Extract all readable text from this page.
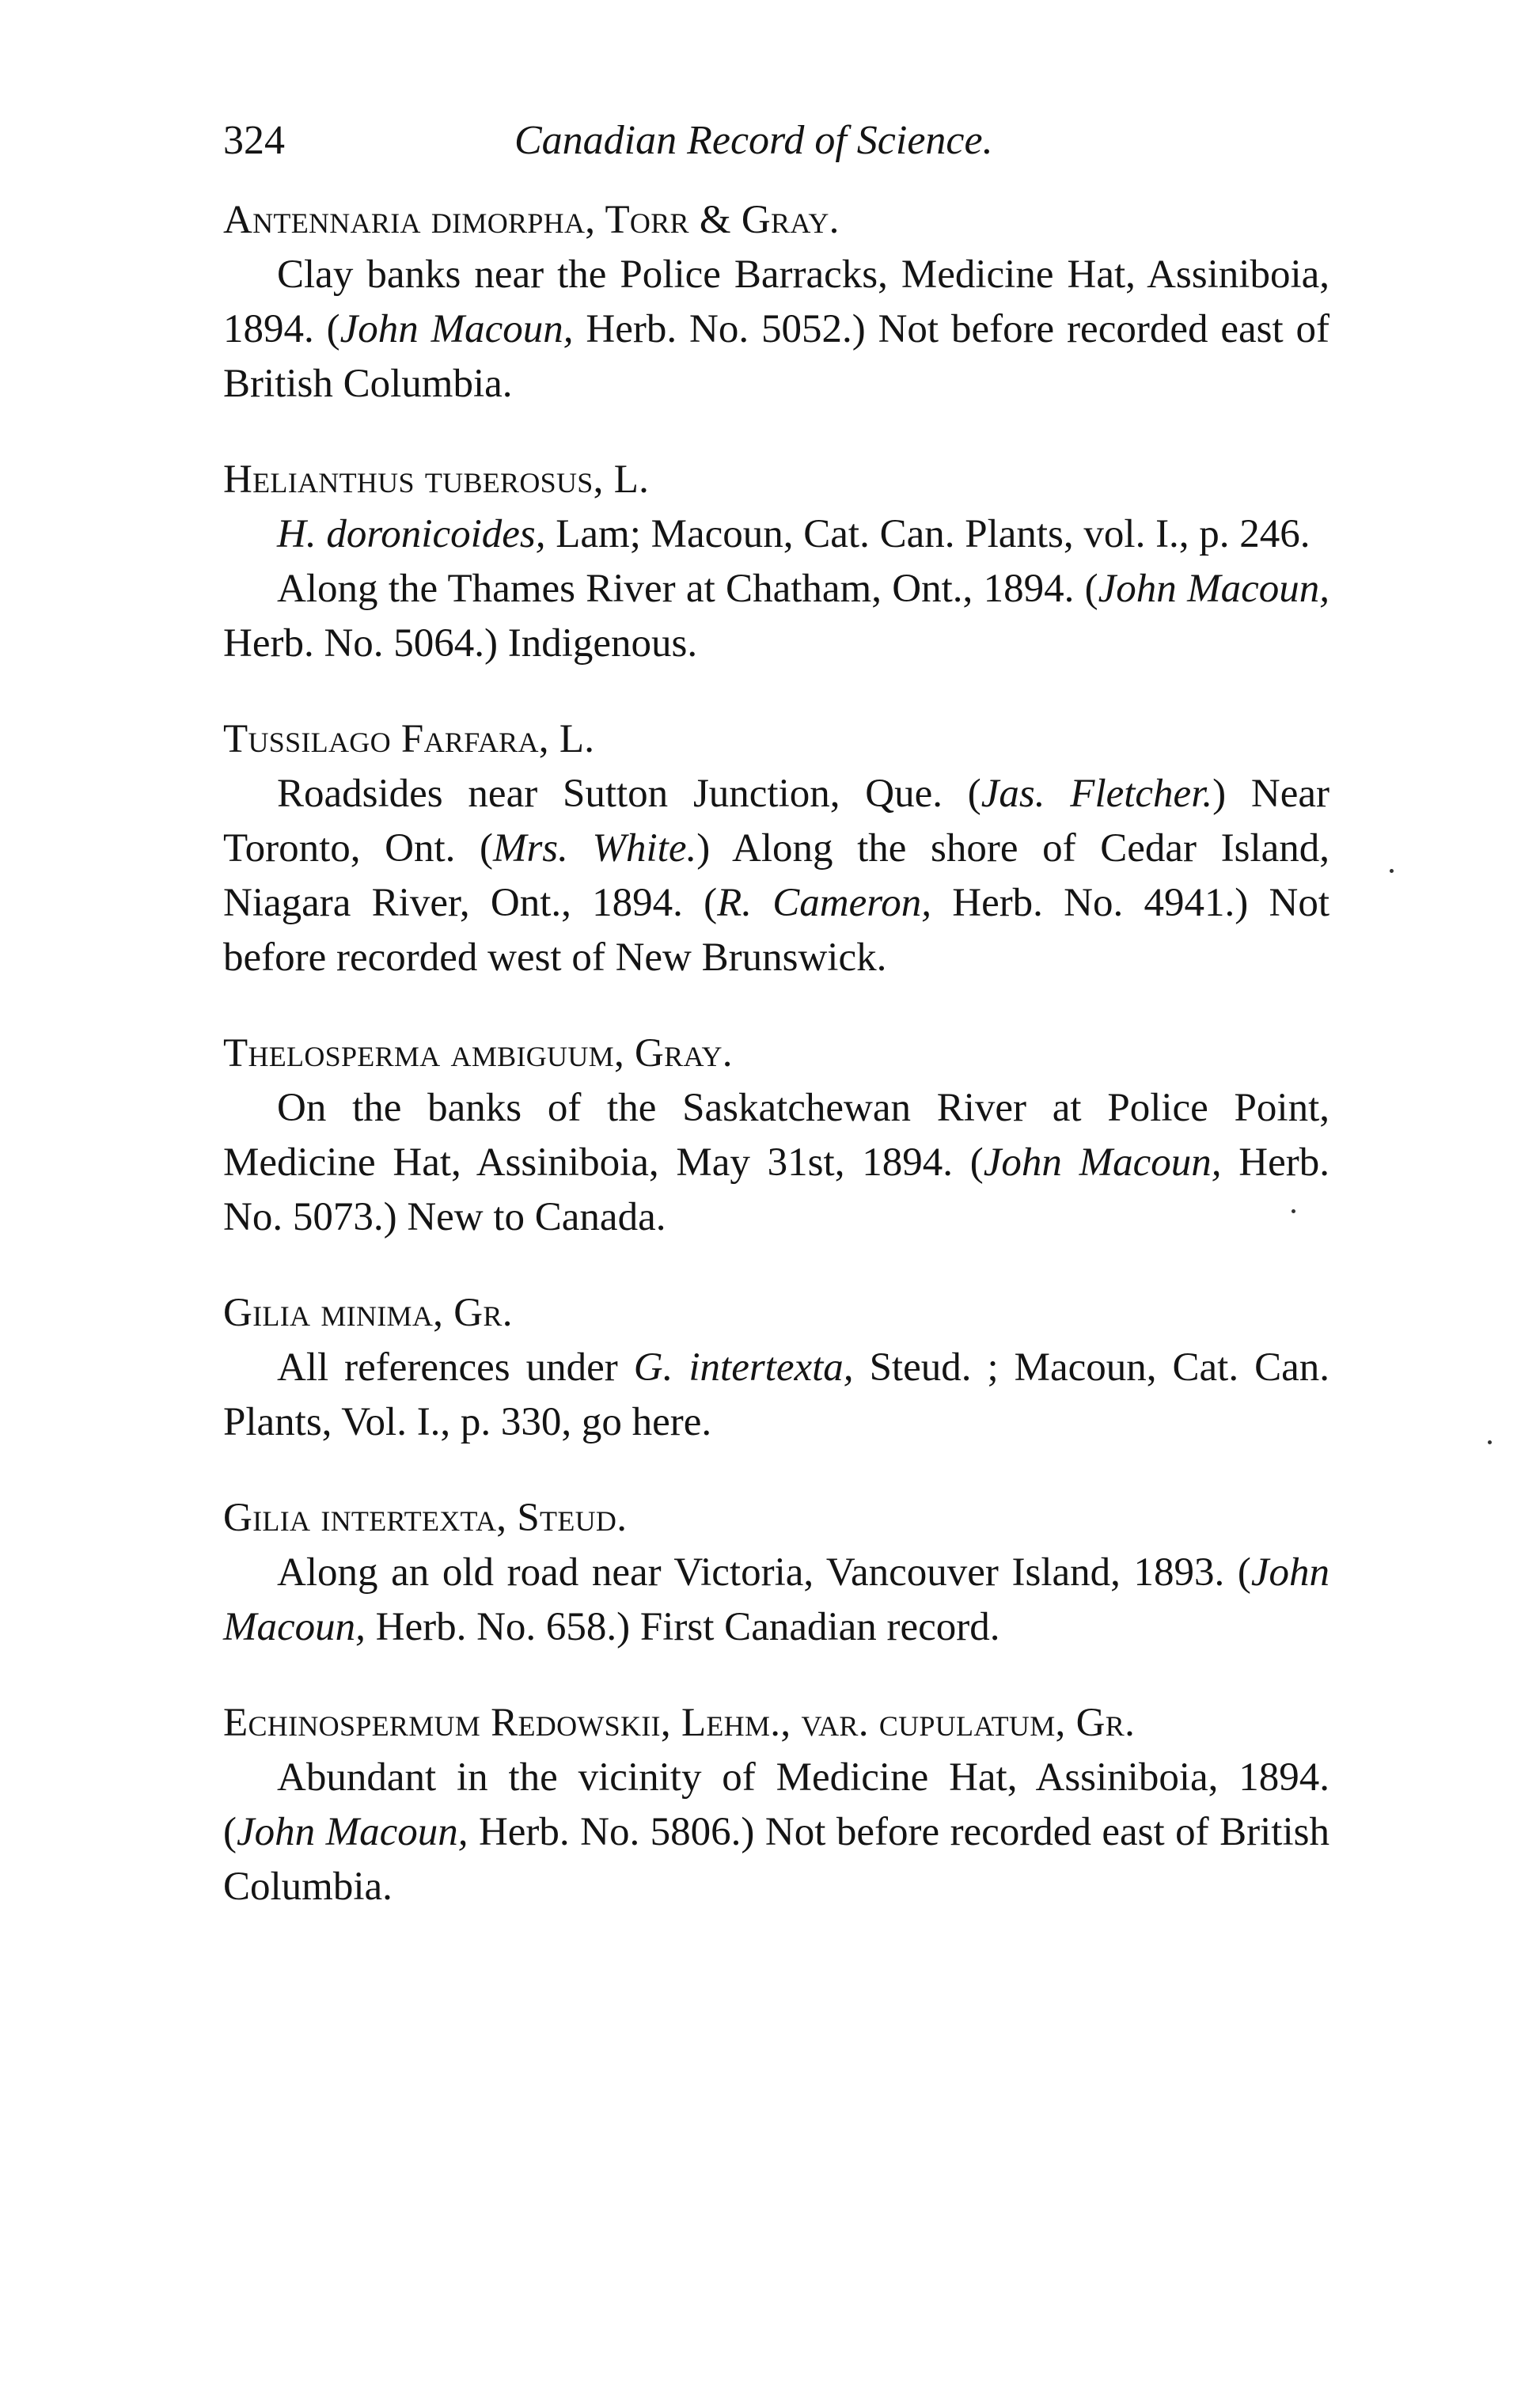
324	Canadian Record of Science.

Antennaria dimorpha, Torr & Gray.

Clay banks near the Police Barracks, Medicine Hat, Assiniboia, 1894. (John Macoun, Herb. No. 5052.) Not before recorded east of British Columbia.

Helianthus tuberosus, L.

H. doronicoides, Lam; Macoun, Cat. Can. Plants, vol. I., p. 246.

Along the Thames River at Chatham, Ont., 1894. (John Macoun, Herb. No. 5064.) Indigenous.

Tussilago Farfara, L.

Roadsides near Sutton Junction, Que. (Jas. Fletcher.) Near Toronto, Ont. (Mrs. White.) Along the shore of Cedar Island, Niagara River, Ont., 1894. (R. Cameron, Herb. No. 4941.) Not before recorded west of New Brunswick.

Thelosperma ambiguum, Gray.

On the banks of the Saskatchewan River at Police Point, Medicine Hat, Assiniboia, May 31st, 1894. (John Macoun, Herb. No. 5073.) New to Canada.

Gilia minima, Gr.

All references under G. intertexta, Steud. ; Macoun, Cat. Can. Plants, Vol. I., p. 330, go here.

Gilia intertexta, Steud.

Along an old road near Victoria, Vancouver Island, 1893. (John Macoun, Herb. No. 658.) First Canadian record.

Echinospermum Redowskii, Lehm., var. cupulatum, Gr.

Abundant in the vicinity of Medicine Hat, Assiniboia, 1894. (John Macoun, Herb. No. 5806.) Not before recorded east of British Columbia.
